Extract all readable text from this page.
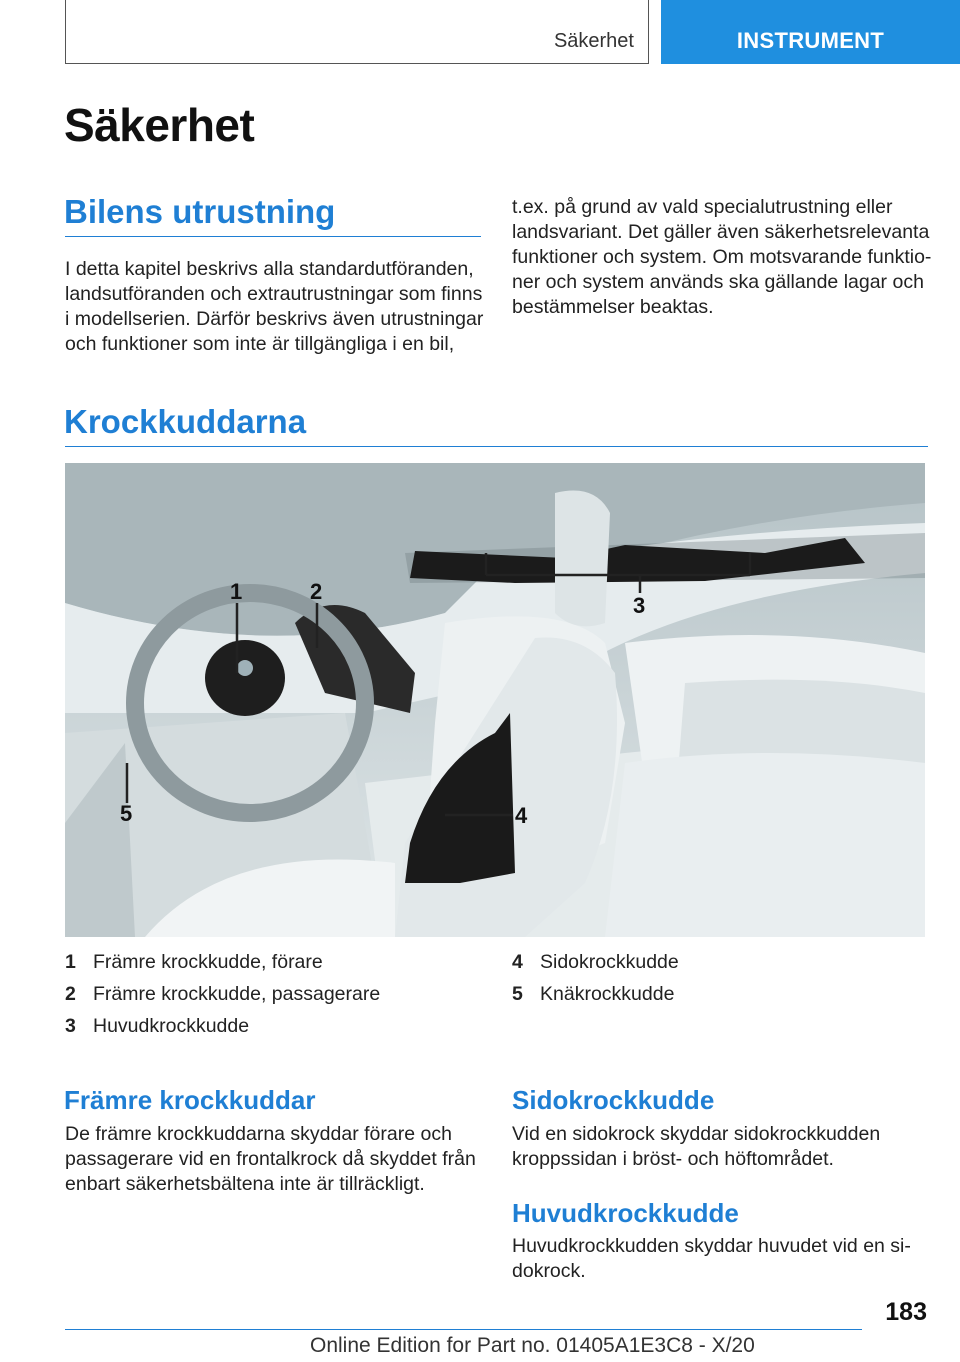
Säkerhet	INSTRUMENT
Säkerhet
Bilens utrustning
I detta kapitel beskrivs alla standardutföranden,
landsutföranden och extrautrustningar som finns
i modellserien. Därför beskrivs även utrustningar
och funktioner som inte är tillgängliga i en bil,
t.ex. på grund av vald specialutrustning eller
landsvariant. Det gäller även säkerhetsrelevanta
funktioner och system. Om motsvarande funktio-
ner och system används ska gällande lagar och
bestämmelser beaktas.
Krockkuddarna
1	2
3
4
5
1 Främre krockkudde, förare
2 Främre krockkudde, passagerare
3 Huvudkrockkudde
4 Sidokrockkudde
5 Knäkrockkudde
Främre krockkuddar
De främre krockkuddarna skyddar förare och
passagerare vid en frontalkrock då skyddet från
enbart säkerhetsbältena inte är tillräckligt.
Sidokrockkudde
Vid en sidokrock skyddar sidokrockkudden
kroppssidan i bröst- och höftområdet.
Huvudkrockkudde
Huvudkrockkudden skyddar huvudet vid en si-
dokrock.
183
Online Edition for Part no. 01405A1E3C8 - X/20
